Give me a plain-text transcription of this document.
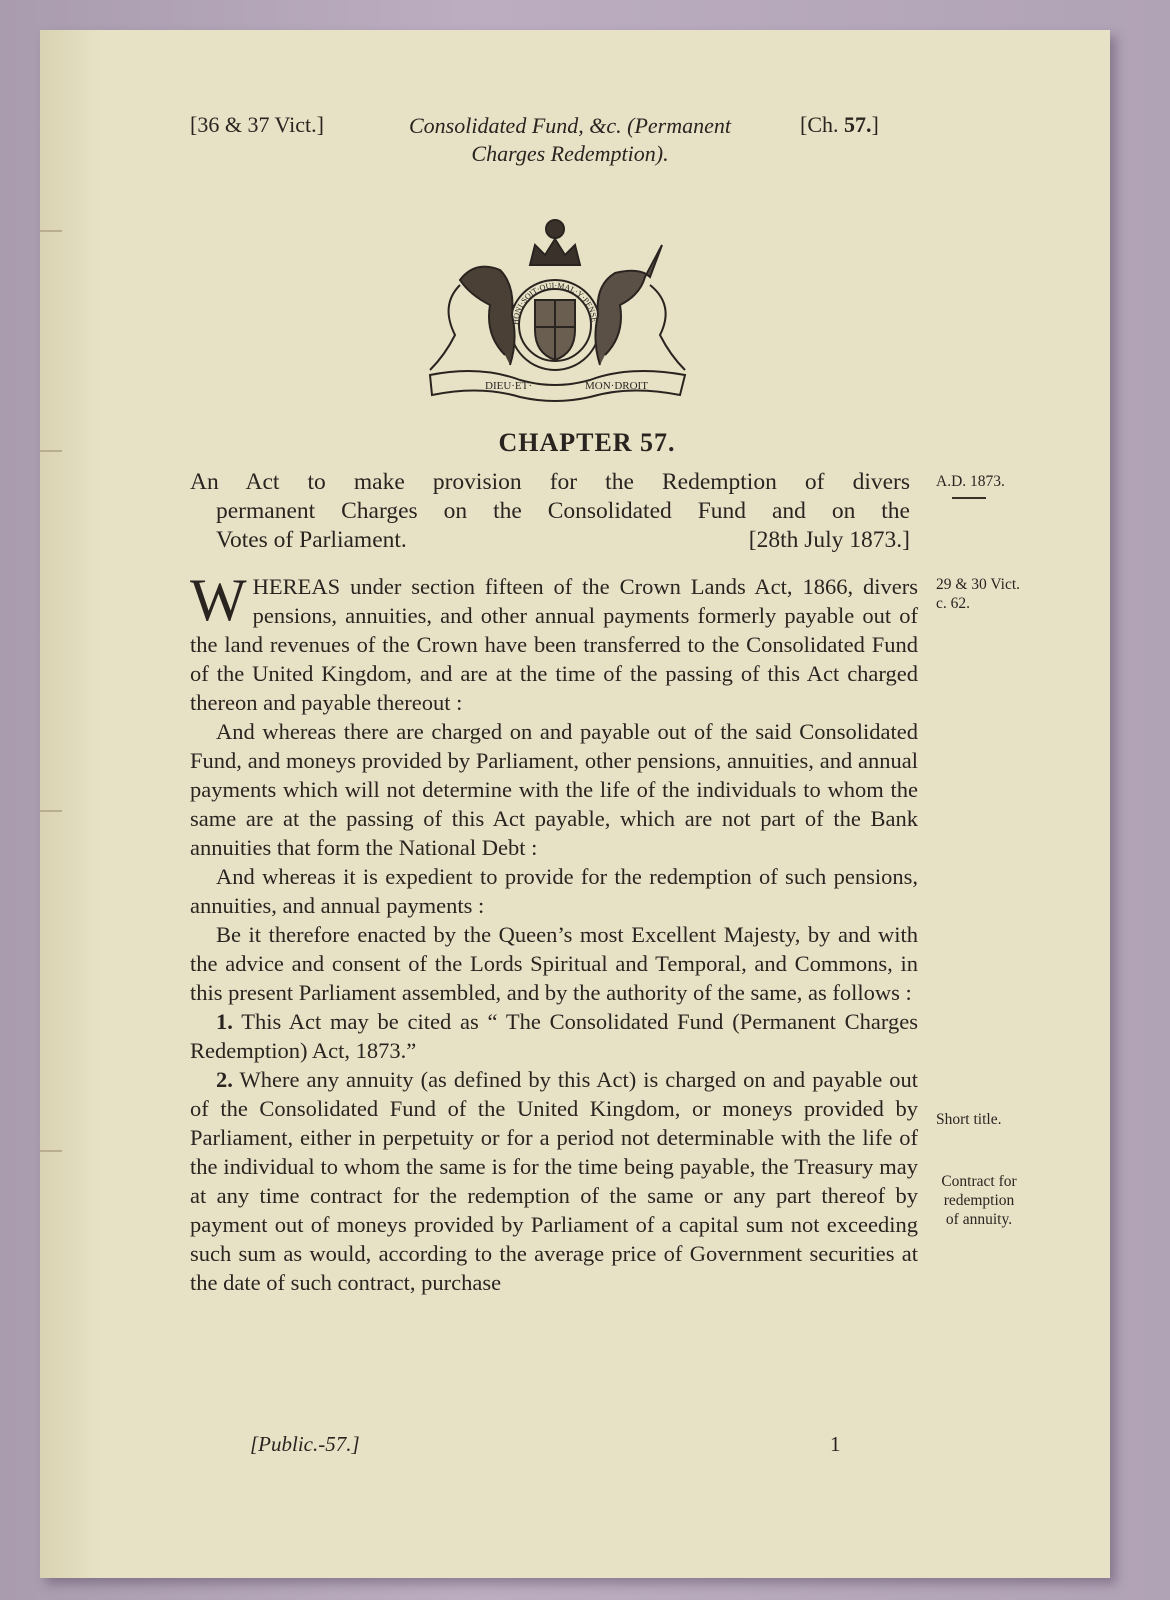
[36 & 37 Vict.]	Consolidated Fund, &c. (Permanent
Charges Redemption).
[Ch. 57.]
DIEU·ET·	MON·DROIT
HONI·SOIT·QUI·MAL·Y·PENSE
CHAPTER 57.
An Act to make provision for the Redemption of divers
permanent Charges on the Consolidated Fund and on the
Votes of Parliament.	[28th July 1873.]
A.D. 1873.
29 & 30 Vict.
c. 62.
Short title.
Contract for
redemption
of annuity.

WHEREAS under section fifteen of the Crown Lands Act, 1866, divers pensions, annuities, and other annual payments formerly payable out of the land revenues of the Crown have been transferred to the Consolidated Fund of the United Kingdom, and are at the time of the passing of this Act charged thereon and payable thereout :

And whereas there are charged on and payable out of the said Consolidated Fund, and moneys provided by Parliament, other pensions, annuities, and annual payments which will not determine with the life of the individuals to whom the same are at the passing of this Act payable, which are not part of the Bank annuities that form the National Debt :

And whereas it is expedient to provide for the redemption of such pensions, annuities, and annual payments :

Be it therefore enacted by the Queen’s most Excellent Majesty, by and with the advice and consent of the Lords Spiritual and Temporal, and Commons, in this present Parliament assembled, and by the authority of the same, as follows :

1. This Act may be cited as “ The Consolidated Fund (Permanent Charges Redemption) Act, 1873.”

2. Where any annuity (as defined by this Act) is charged on and payable out of the Consolidated Fund of the United Kingdom, or moneys provided by Parliament, either in perpetuity or for a period not determinable with the life of the individual to whom the same is for the time being payable, the Treasury may at any time contract for the redemption of the same or any part thereof by payment out of moneys provided by Parliament of a capital sum not exceeding such sum as would, according to the average price of Government securities at the date of such contract, purchase

[Public.-57.]	1
